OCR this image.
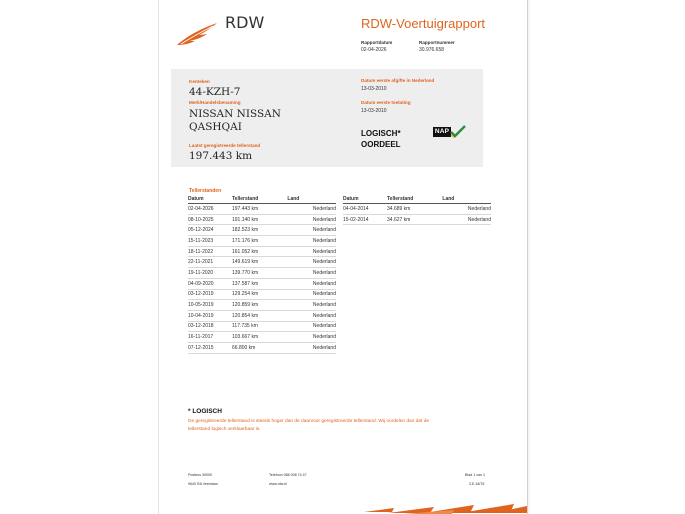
RDW	RDW-Voertuigrapport
Rapportdatum
02-04-2026
Rapportnummer
30.976.658
Kenteken
44-KZH-7
Merk/Handelsbenaming
NISSAN NISSAN
QASHQAI
Laatst geregistreerde tellerstand
197.443 km
Datum eerste afgifte in Nederland
13-03-2010
Datum eerste toelating
13-03-2010
LOGISCH*
OORDEEL
NAP
Tellerstanden
Datum	Tellerstand	Land
02-04-2026	197.443 km	Nederland
08-10-2025	191.140 km	Nederland
05-12-2024	182.523 km	Nederland
15-11-2023	171.176 km	Nederland
18-11-2022	161.052 km	Nederland
22-11-2021	149.619 km	Nederland
19-11-2020	139.770 km	Nederland
04-09-2020	137.587 km	Nederland
03-12-2019	129.254 km	Nederland
10-05-2019	120.859 km	Nederland
10-04-2019	120.854 km	Nederland
03-12-2018	117.735 km	Nederland
16-11-2017	103.667 km	Nederland
07-12-2015	66.800 km	Nederland
Datum	Tellerstand	Land
04-04-2014	34.689 km	Nederland
15-02-2014	34.627 km	Nederland
* LOGISCH
De geregistreerde tellerstand is steeds hoger dan de daarvoor geregistreerde tellerstand. Wij oordelen dan dat de
tellerstand logisch verklaarbaar is.
Postbus 30000
9640 RA Veendam
Telefoon 088 008 74 47
www.rdw.nl
Blad 1 van 1
3.E.18/78
